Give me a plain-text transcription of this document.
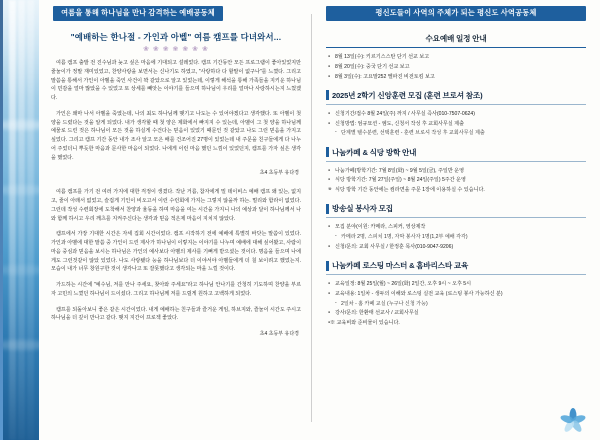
여름을 통해 하나님을 만나 감격하는 예배공동체
"예배하는 한나절 - 가인과 아벨" 여름 캠프를 다녀와서...
❀ ❀ ❀ ❀ ❀ ❀ ❀

여름 캠프 출발 전 진수님과 늦고 싶은 마음에 기대되고 설레었다. 캠프 기간동안 모든 프로그램이 좋아있었지만 줄눌이가 정말 재미있었고, 찬양사랑을 보면서는 신나기도 하였고, "사랑하다 다 할말이 없구나"를 느꼈다. 그리고 말씀을 통해서 가인이 아벨을 죽인 사건이 꽉 같았으로 알고 있었는데, 이렇게 해석을 통해 가족들을 지키운 하나님이 민감을 얼마 많았을 수 있었고 또 상세를 빼앗는 이야기를 들으며 하나님이 우리를 얼마나 사랑하시는지 느껐겠다.

가인은 왜마 나서 아벨을 죽였는데, 나의 최도 하나님께 맺기고 나도는 수 있어야겠다고 생각했다. 또 아벨이 첫 양을 드렸다는 것을 알게 되었다. 내가 생각할 때 첫 양은 제화에서 빠지지 수 있는데, 아벨이 그 첫 양을 하나님께 예물로 드린 것은 하나님이 모든 것을 하실게 수건다는 믿음이 있었기 때문인 것 같았고 나도 그런 믿음을 가지고 싶었다. 그리고 캠프 기간 동안 내가 조사 알고 모은 배를 건조어진 27명이 있었는데 내 주문을 친구들에게 다 나누어 주었더니 뿌듯한 마음과 문사한 마음이 되었다. 나에게 이런 마음 했던 느낌이 있었던지, 캠프를 가자 싶은 생각을 했었다.

초4 초등부 유다경

여름 캠프를 가기 전 여러 가지에 대한 걱정이 생겼다. 작난 거름, 참자에게 밀 데이비스 예배 캠프 왜 있는, 없지고, 줄이 아래서 없었고, 슬겁게 기인이 비오고서 이런 수런회에 가지는 그렇지 않을까 하는. 멀리와 함라이 없었다. 그런데 작성 수련회장에 도착해서 찬양과 율동을 하며 마음을 여는 시간을 가지니 나의 예상과 달이 하나님께서 나와 함께 하시고 우리 깨츠를 지켜주신다는 생각과 믿음 적은제 마음이 지치지 않았다.

캠프에서 가장 기대한 시간은 자세 집회 시간이었다. 캠프 시작하기 전에 예배에 특별히 바닷는 말씀이 있었다. 가인과 아벨에 대한 말씀 중 가인이 드린 제사가 하나님이 이렇지는 이야기를 나누며 예배에 대해 싶어봤고, 사람이 마음 중심과 믿음을 보시는 하나님은 가인의 예사보다 아벨의 제사를 기뻐게 받으셨는 것이다. 명음을 들으며 나에게도 그런것같이 않았 있었다. 나도 사랑됐다 능을 하나님보다 더 이야서야 아벨들에게 더 칠 보이려고 했었는지. 모습이 내가 너무 창원구한 것이 생각나고 또 잘못했다고 생각되는 마을 느낄 것이다.

가드하는 시간에 "예수님, 저를 만나 주세요, 찾아와 주세요"라고 하나님 안나기를 간청히 기도하며 찬양을 부르자 고민의 느꼈던 하나님이 드이셨다. 그리고 하나님께 저를 드릴게 원하고 고백하게 되었다.

캠프를 되돌아보니 좋은 같은 시간이었다. 내게 예배하는 친구들과 즐거운 게임, 하브지와, 즐눌이 시간도 주시고 하나님을 더 깊이 만나고 같다. 맺지 지간이 프로젝 좋았다.

초4 초등부 유다경
평신도들이 사역의 주체가 되는 평신도 사역공동체
수요예배 일정 안내
● 8월 13일(수): 키르기스스탄 단기 선교 보고
● 8월 20일(수): 중국 단기 선교 보고
● 8월 3일(수): 고요말252 멜파진 비전토킴 보고
2025년 2학기 신앙훈련 모집 (훈련 브로셔 참조)
● 신청기간/접수 8월 24일(주) 까지 / 사무실 즉사(010-7507-0624)
● 신청방법: 엄규묘션 - 엠도, 신청서 작성 후 교회사무실 제출
- 단계별 텔수분련, 선택훈련 - 훈련 브로셔 작성 후 교회사무실 제출
나눔카페 & 식당 방학 안내
● 나눔가페(방학기간: 7월 8일(화) ~ 9월 5일(금), 주일반 운영
● 식당 방학기간: 7월 27일(주일) ~ 8월 24일(주일) 5주간 운영
※ 식당 방학 기간 동안에는 컴라면을 주문 1장에 이용하실 수 있습니다.
방송실 봉사자 모집
● 모집 분야(이원: 카메라, 스피커, 영상제작
- 카메라 2명, 스피치 1명, 자막 봉사자 1명(1,2부 예배 각각)
● 신청/문의: 교회 사무실 / 한정훈 목사(010-9047-9206)
나눔카페 로스팅 마스터 & 홈바리스타 교육
● 교육일정: 8월 25일(월) ~ 26일(화) 2일간, 오후 9시 ~ 오후 5시
● 교육내용: 1일차 - 생두의 이해와 로스팅 실전 교육 (로스팅 봉사 가능하신 분)
- 2일차 - 홈 카페 교실 (누구나 신청 가능)
● 강사/문의: 한환태 선교사 / 교회사무실
● ※ 교육비와 준비물이 있습니다.
